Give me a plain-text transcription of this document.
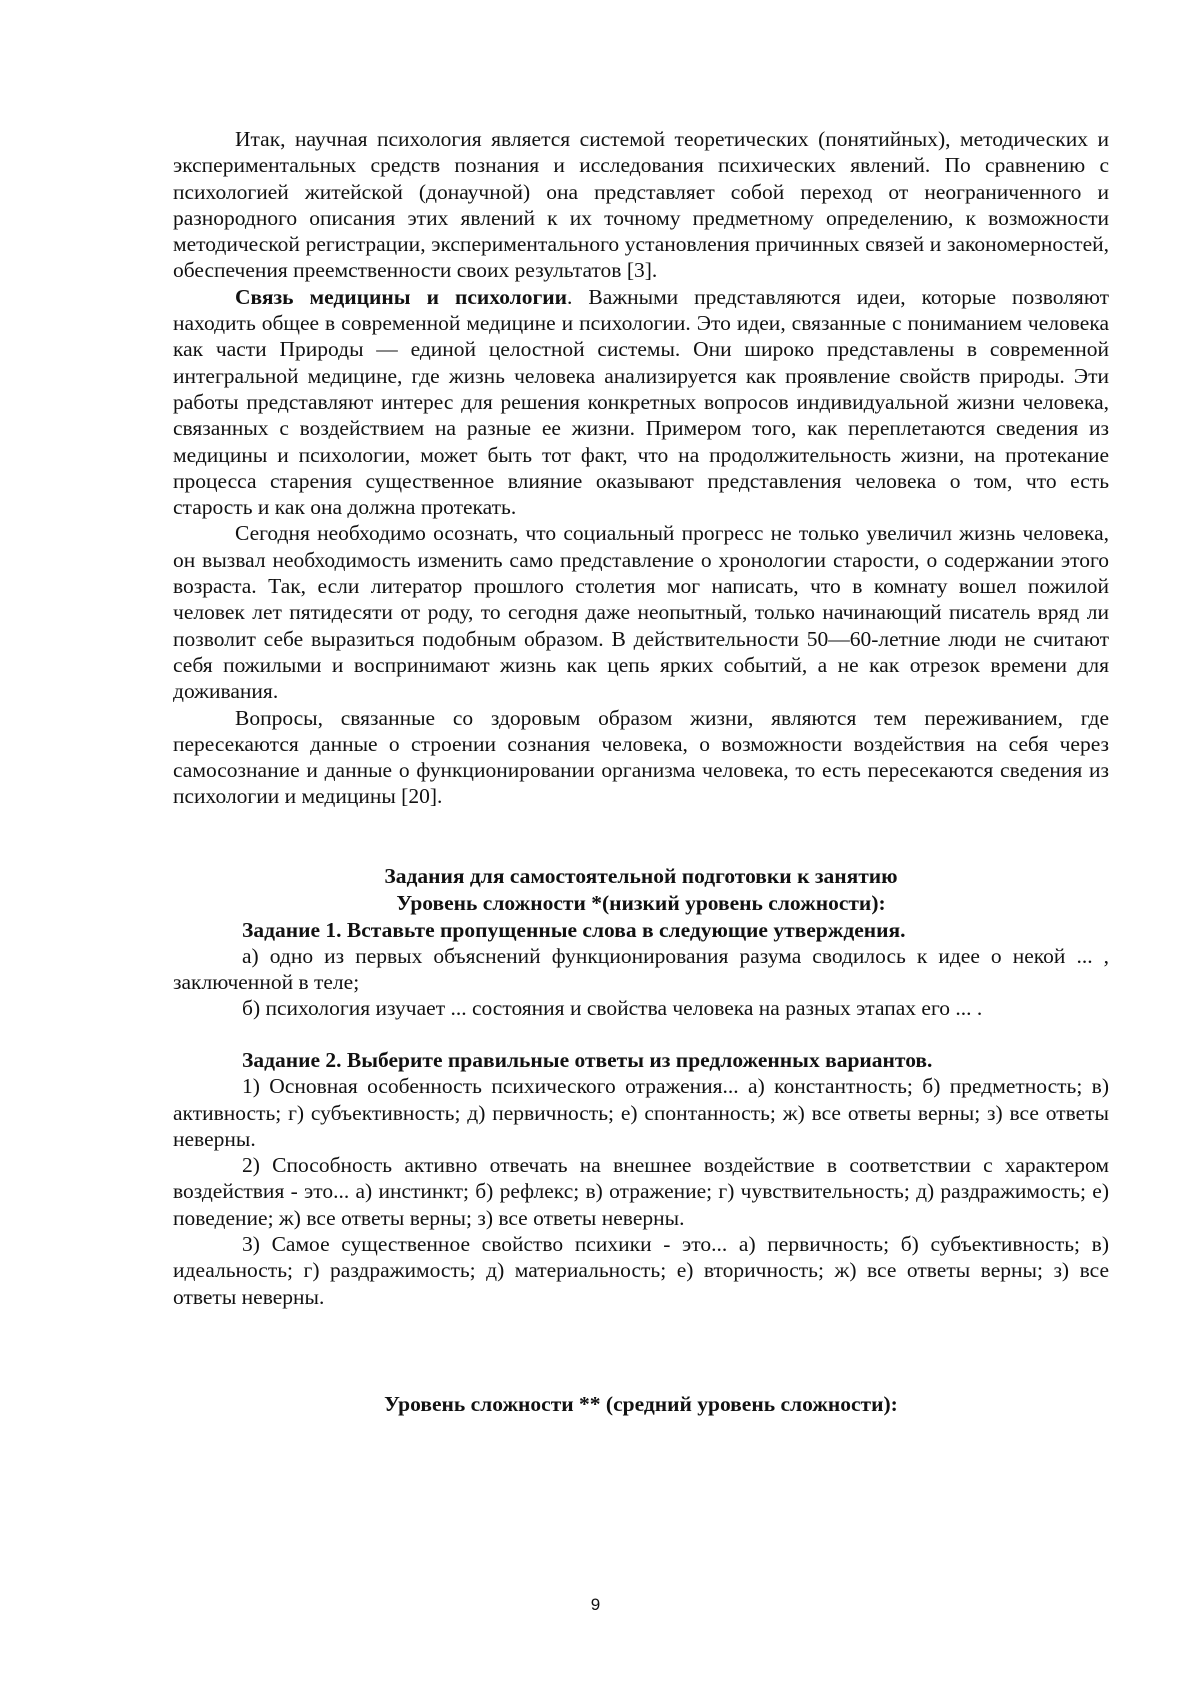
Итак, научная психология является системой теоретических (понятийных), методических и экспериментальных средств познания и исследования психических явлений. По сравнению с психологией житейской (донаучной) она представляет собой переход от неограниченного и разнородного описания этих явлений к их точному предметному определению, к возможности методической регистрации, экспериментального установления причинных связей и закономерностей, обеспечения преемственности своих результатов [3].

Связь медицины и психологии. Важными представляются идеи, которые позволяют находить общее в современной медицине и психологии. Это идеи, связанные с пониманием человека как части Природы — единой целостной системы. Они широко представлены в современной интегральной медицине, где жизнь человека анализируется как проявление свойств природы. Эти работы представляют интерес для решения конкретных вопросов индивидуальной жизни человека, связанных с воздействием на разные ее жизни. Примером того, как переплетаются сведения из медицины и психологии, может быть тот факт, что на продолжительность жизни, на протекание процесса старения существенное влияние оказывают представления человека о том, что есть старость и как она должна протекать.

Сегодня необходимо осознать, что социальный прогресс не только увеличил жизнь человека, он вызвал необходимость изменить само представление о хронологии старости, о содержании этого возраста. Так, если литератор прошлого столетия мог написать, что в комнату вошел пожилой человек лет пятидесяти от роду, то сегодня даже неопытный, только начинающий писатель вряд ли позволит себе выразиться подобным образом. В действительности 50—60-летние люди не считают себя пожилыми и воспринимают жизнь как цепь ярких событий, а не как отрезок времени для доживания.

Вопросы, связанные со здоровым образом жизни, являются тем переживанием, где пересекаются данные о строении сознания человека, о возможности воздействия на себя через самосознание и данные о функционировании организма человека, то есть пересекаются сведения из психологии и медицины [20].

Задания для самостоятельной подготовки к занятию
Уровень сложности *(низкий уровень сложности):
Задание 1. Вставьте пропущенные слова в следующие утверждения.

а) одно из первых объяснений функционирования разума сводилось к идее о некой ... , заключенной в теле;

б) психология изучает ... состояния и свойства человека на разных этапах его ... .

Задание 2. Выберите правильные ответы из предложенных вариантов.

1) Основная особенность психического отражения... а) константность; б) предметность; в) активность; г) субъективность; д) первичность; е) спонтанность; ж) все ответы верны; з) все ответы неверны.

2) Способность активно отвечать на внешнее воздействие в соответствии с характером воздействия - это... а) инстинкт; б) рефлекс; в) отражение; г) чувствительность; д) раздражимость; е) поведение; ж) все ответы верны; з) все ответы неверны.

3) Самое существенное свойство психики - это... а) первичность; б) субъективность; в) идеальность; г) раздражимость; д) материальность; е) вторичность; ж) все ответы верны; з) все ответы неверны.

Уровень сложности ** (средний уровень сложности):
9
